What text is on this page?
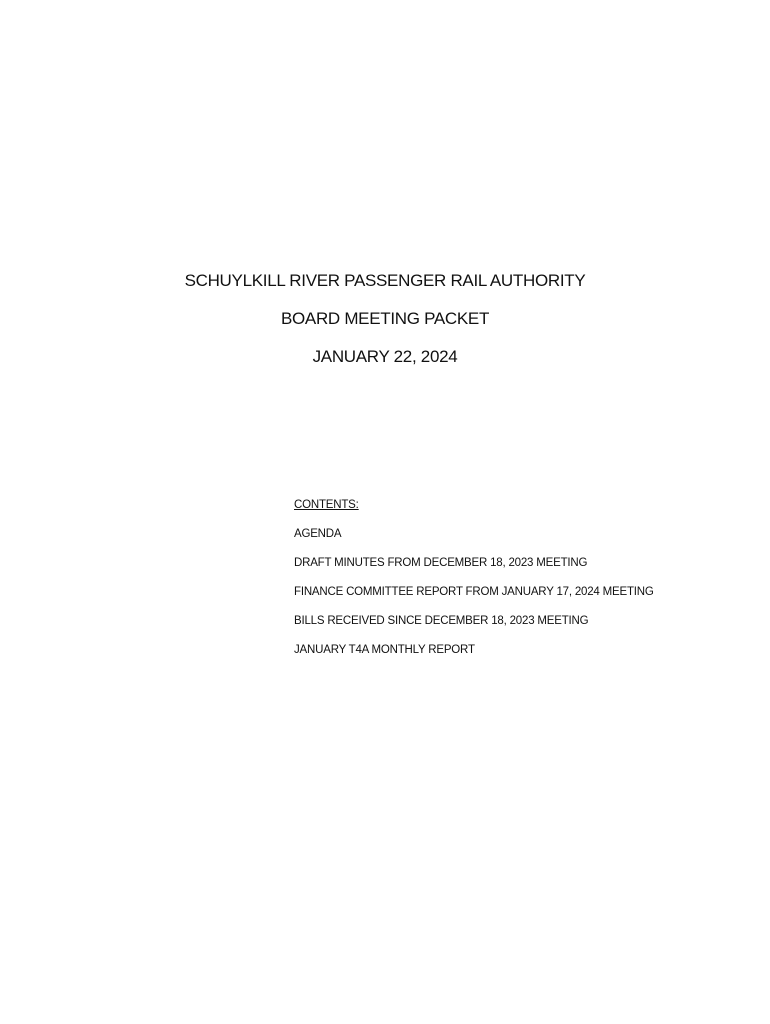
SCHUYLKILL RIVER PASSENGER RAIL AUTHORITY
BOARD MEETING PACKET
JANUARY 22, 2024
CONTENTS:
AGENDA
DRAFT MINUTES FROM DECEMBER 18, 2023 MEETING
FINANCE COMMITTEE REPORT FROM JANUARY 17, 2024 MEETING
BILLS RECEIVED SINCE DECEMBER 18, 2023 MEETING
JANUARY T4A MONTHLY REPORT
